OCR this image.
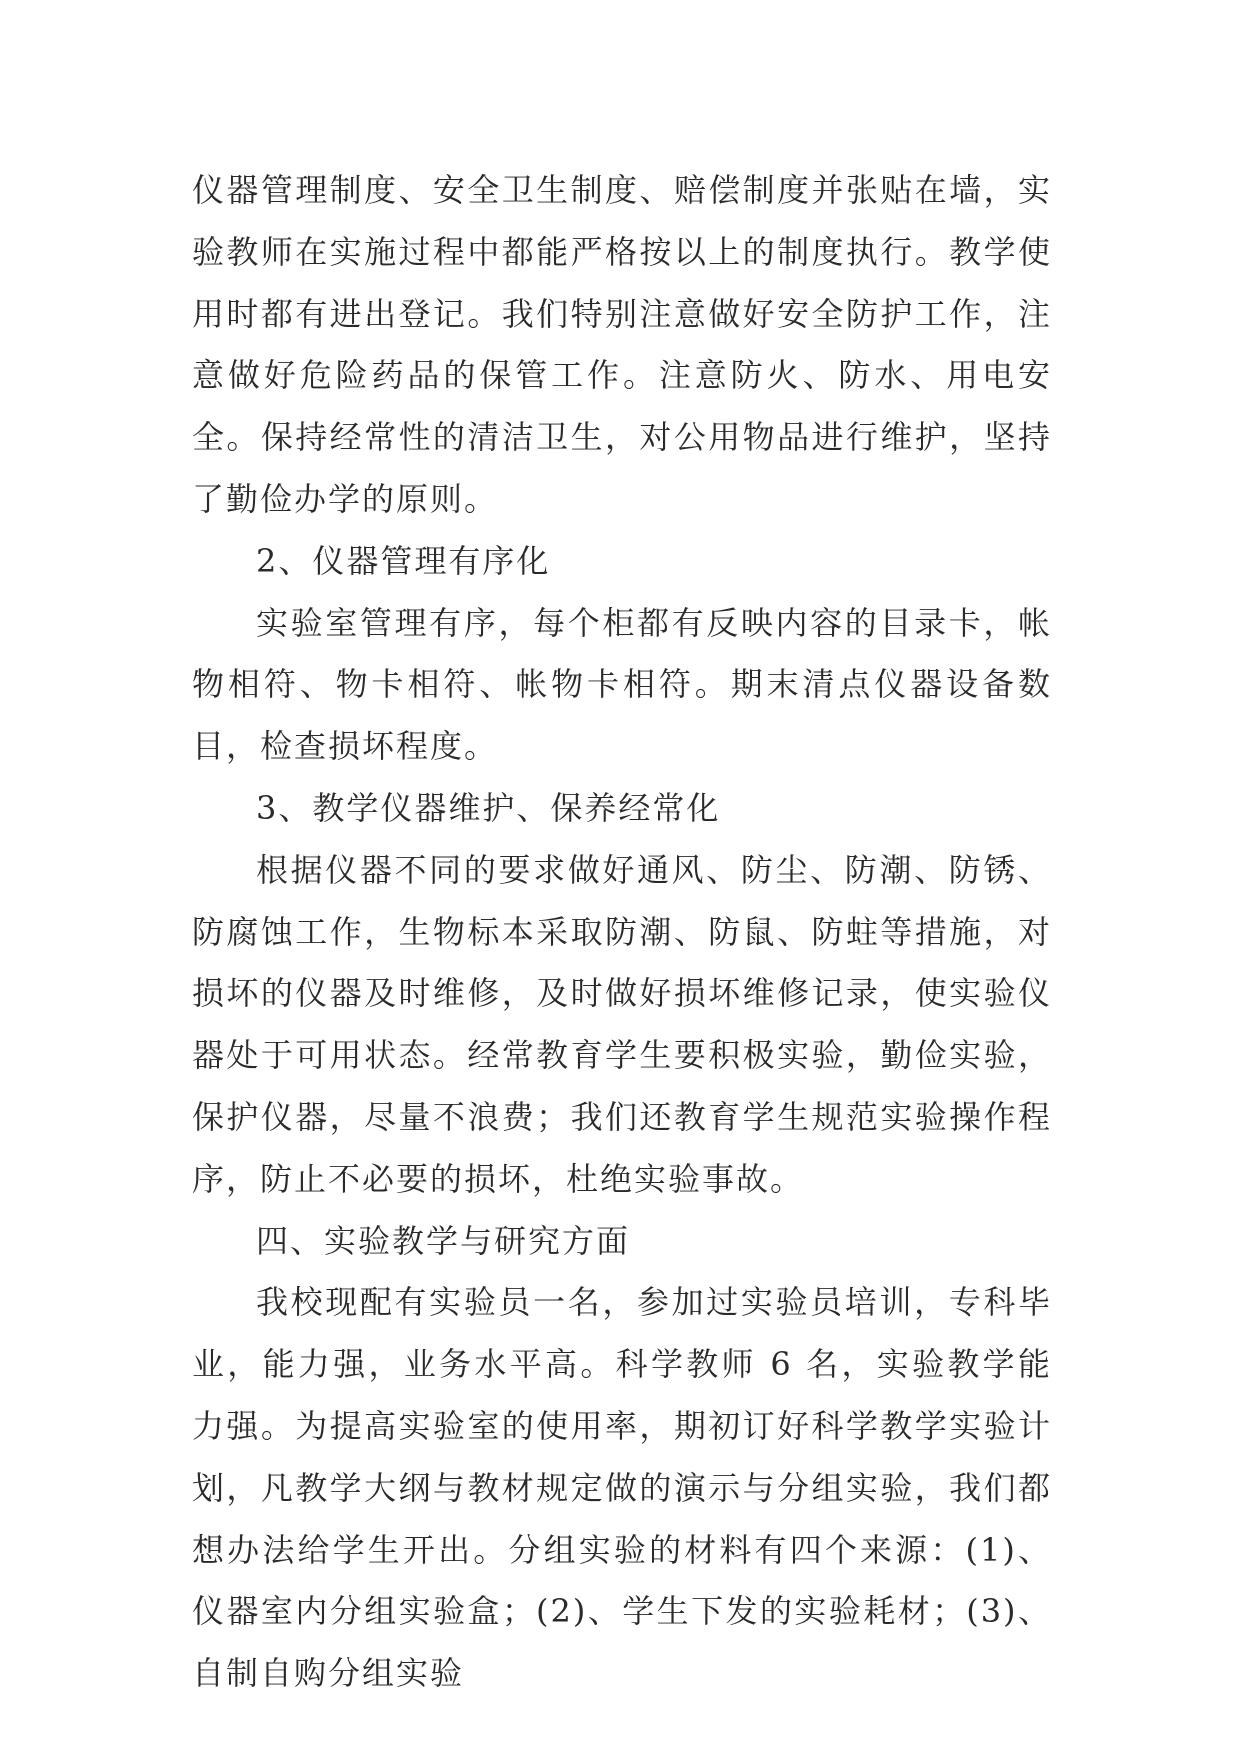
仪器管理制度、安全卫生制度、赔偿制度并张贴在墙，实验教师在实施过程中都能严格按以上的制度执行。教学使用时都有进出登记。我们特别注意做好安全防护工作，注意做好危险药品的保管工作。注意防火、防水、用电安全。保持经常性的清洁卫生，对公用物品进行维护，坚持了勤俭办学的原则。

2、仪器管理有序化

实验室管理有序，每个柜都有反映内容的目录卡，帐物相符、物卡相符、帐物卡相符。期末清点仪器设备数目，检查损坏程度。

3、教学仪器维护、保养经常化

根据仪器不同的要求做好通风、防尘、防潮、防锈、防腐蚀工作，生物标本采取防潮、防鼠、防蛀等措施，对损坏的仪器及时维修，及时做好损坏维修记录，使实验仪器处于可用状态。经常教育学生要积极实验，勤俭实验，保护仪器，尽量不浪费；我们还教育学生规范实验操作程序，防止不必要的损坏，杜绝实验事故。

四、实验教学与研究方面

我校现配有实验员一名，参加过实验员培训，专科毕业，能力强，业务水平高。科学教师 6 名，实验教学能力强。为提高实验室的使用率，期初订好科学教学实验计划，凡教学大纲与教材规定做的演示与分组实验，我们都想办法给学生开出。分组实验的材料有四个来源：(1)、仪器室内分组实验盒；(2)、学生下发的实验耗材；(3)、自制自购分组实验
